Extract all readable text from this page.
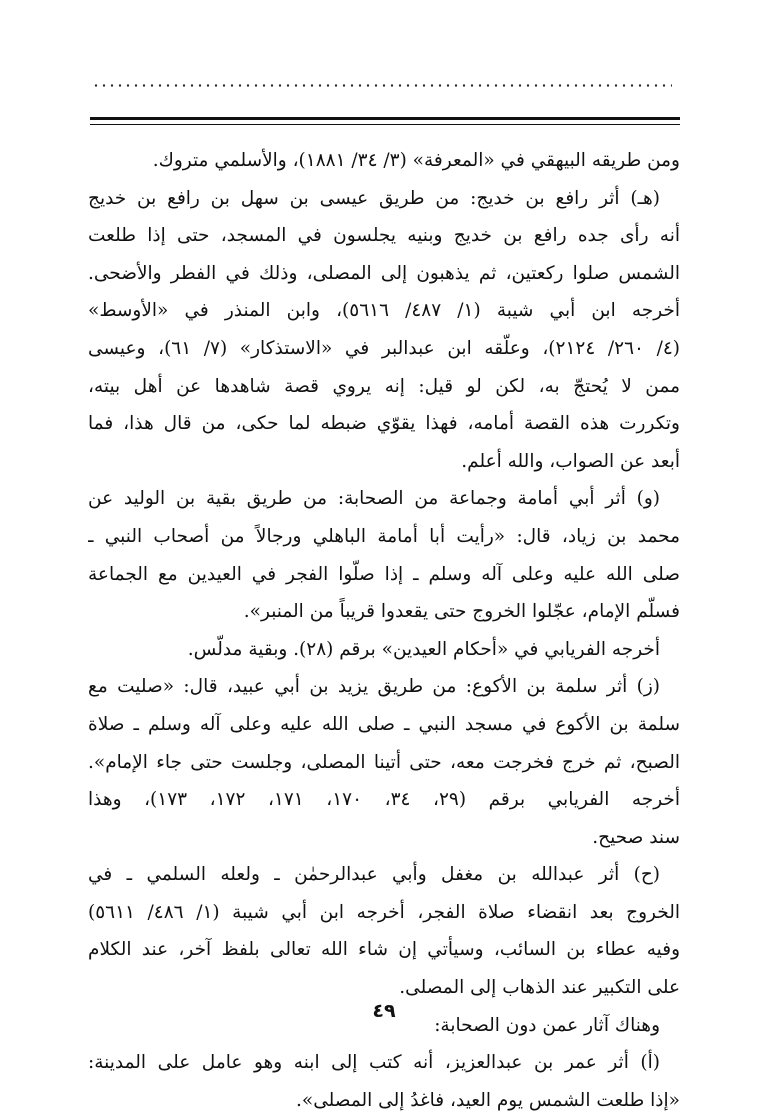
ومن طريقه البيهقي في «المعرفة» (٣/ ٣٤/ ١٨٨١)، والأسلمي متروك.
(هـ) أثر رافع بن خديج: من طريق عيسى بن سهل بن رافع بن خديج
أنه رأى جده رافع بن خديج وبنيه يجلسون في المسجد، حتى إذا طلعت
الشمس صلوا ركعتين، ثم يذهبون إلى المصلى، وذلك في الفطر والأضحى.
أخرجه ابن أبي شيبة (١/ ٤٨٧/ ٥٦١٦)، وابن المنذر في «الأوسط»
(٤/ ٢٦٠/ ٢١٢٤)، وعلّقه ابن عبدالبر في «الاستذكار» (٧/ ٦١)، وعيسى
ممن لا يُحتجّ به، لكن لو قيل: إنه يروي قصة شاهدها عن أهل بيته،
وتكررت هذه القصة أمامه، فهذا يقوّي ضبطه لما حكى، من قال هذا، فما
أبعد عن الصواب، والله أعلم.
(و) أثر أبي أمامة وجماعة من الصحابة: من طريق بقية بن الوليد عن
محمد بن زياد، قال: «رأيت أبا أمامة الباهلي ورجالاً من أصحاب النبي ـ
صلى الله عليه وعلى آله وسلم ـ إذا صلّوا الفجر في العيدين مع الجماعة
فسلّم الإمام، عجّلوا الخروج حتى يقعدوا قريباً من المنبر».
أخرجه الفريابي في «أحكام العيدين» برقم (٢٨). وبقية مدلّس.
(ز) أثر سلمة بن الأكوع: من طريق يزيد بن أبي عبيد، قال: «صليت مع
سلمة بن الأكوع في مسجد النبي ـ صلى الله عليه وعلى آله وسلم ـ صلاة
الصبح، ثم خرج فخرجت معه، حتى أتينا المصلى، وجلست حتى جاء الإمام».
أخرجه الفريابي برقم (٢٩، ٣٤، ١٧٠، ١٧١، ١٧٢، ١٧٣)، وهذا
سند صحيح.
(ح) أثر عبدالله بن مغفل وأبي عبدالرحمٰن ـ ولعله السلمي ـ في
الخروج بعد انقضاء صلاة الفجر، أخرجه ابن أبي شيبة (١/ ٤٨٦/ ٥٦١١)
وفيه عطاء بن السائب، وسيأتي إن شاء الله تعالى بلفظ آخر، عند الكلام
على التكبير عند الذهاب إلى المصلى.
وهناك آثار عمن دون الصحابة:
(أ) أثر عمر بن عبدالعزيز، أنه كتب إلى ابنه وهو عامل على المدينة:
«إذا طلعت الشمس يوم العيد، فاغدُ إلى المصلى».
٤٩
